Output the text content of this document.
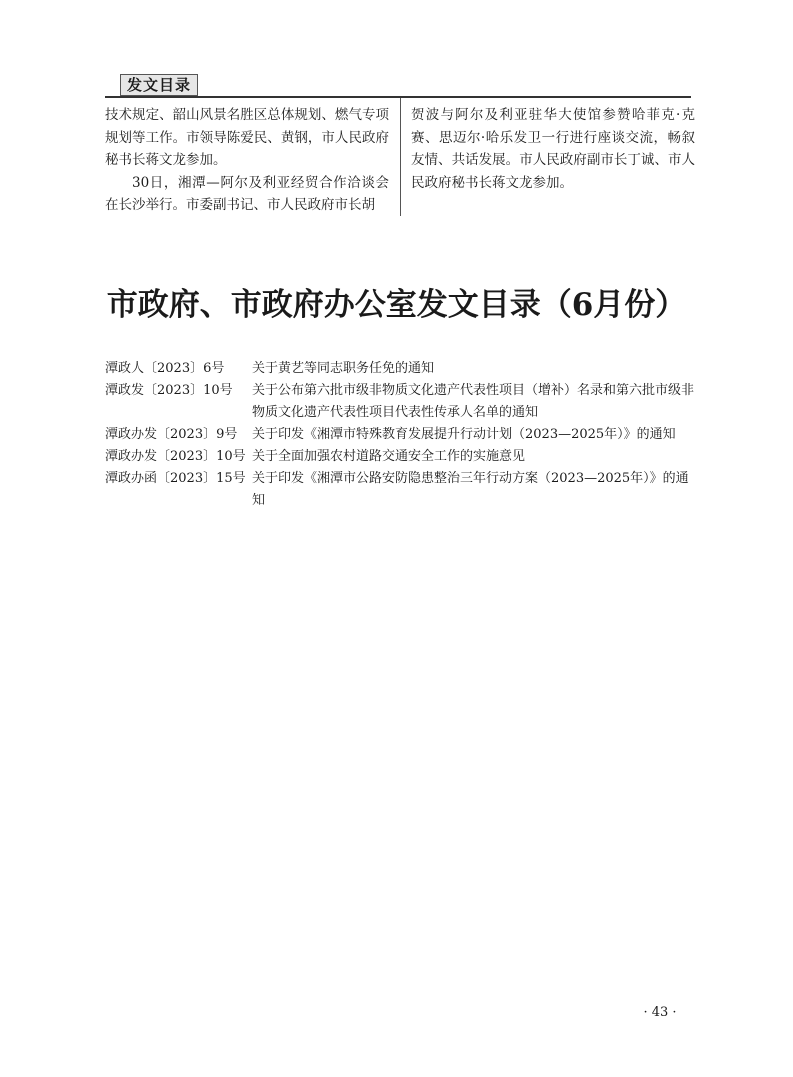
发文目录

技术规定、韶山风景名胜区总体规划、燃气专项规划等工作。市领导陈爱民、黄钢，市人民政府秘书长蒋文龙参加。

30日，湘潭—阿尔及利亚经贸合作洽谈会在长沙举行。市委副书记、市人民政府市长胡

贺波与阿尔及利亚驻华大使馆参赞哈菲克·克赛、思迈尔·哈乐发卫一行进行座谈交流，畅叙友情、共话发展。市人民政府副市长丁诚、市人民政府秘书长蒋文龙参加。

市政府、市政府办公室发文目录（6月份）
潭政人〔2023〕6号	关于黄艺等同志职务任免的通知
潭政发〔2023〕10号	关于公布第六批市级非物质文化遗产代表性项目（增补）名录和第六批市级非物质文化遗产代表性项目代表性传承人名单的通知
潭政办发〔2023〕9号	关于印发《湘潭市特殊教育发展提升行动计划（2023—2025年）》的通知
潭政办发〔2023〕10号 关于全面加强农村道路交通安全工作的实施意见
潭政办函〔2023〕15号 关于印发《湘潭市公路安防隐患整治三年行动方案（2023—2025年）》的通知
· 43 ·
